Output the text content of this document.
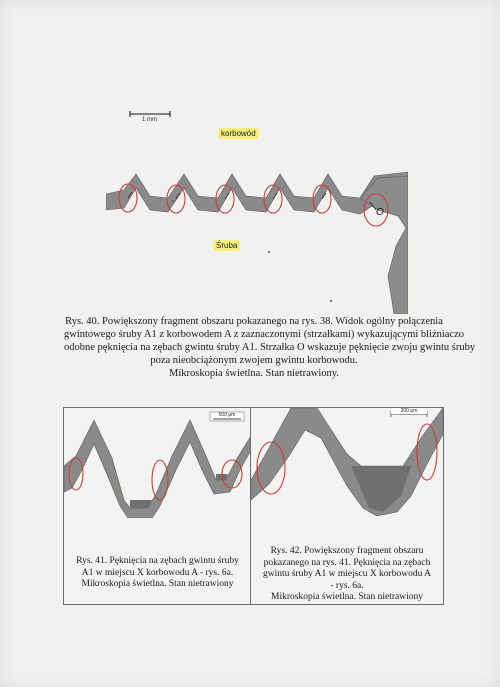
1 mm
korbowód
Śruba
O
Rys. 40. Powiększony fragment obszaru pokazanego na rys. 38. Widok ogólny połączenia
gwintowego śruby A1 z korbowodem A z zaznaczonymi (strzałkami) wykazującymi bliźniaczo
odobne pęknięcia na zębach gwintu śruby A1. Strzałka O wskazuje pęknięcie zwoju gwintu śruby
poza nieobciążonym zwojem gwintu korbowodu.
Mikroskopia świetlna. Stan nietrawiony.
500 μm
Rys. 41. Pęknięcia na zębach gwintu śruby
A1 w miejscu X korbowodu A - rys. 6a.
Mikroskopia świetlna. Stan nietrawiony
200 μm
Rys. 42. Powiększony fragment obszaru
pokazanego na rys. 41. Pęknięcia na zębach
gwintu śruby A1 w miejscu X korbowodu A
- rys. 6a.
Mikroskopia świetlna. Stan nietrawiony
